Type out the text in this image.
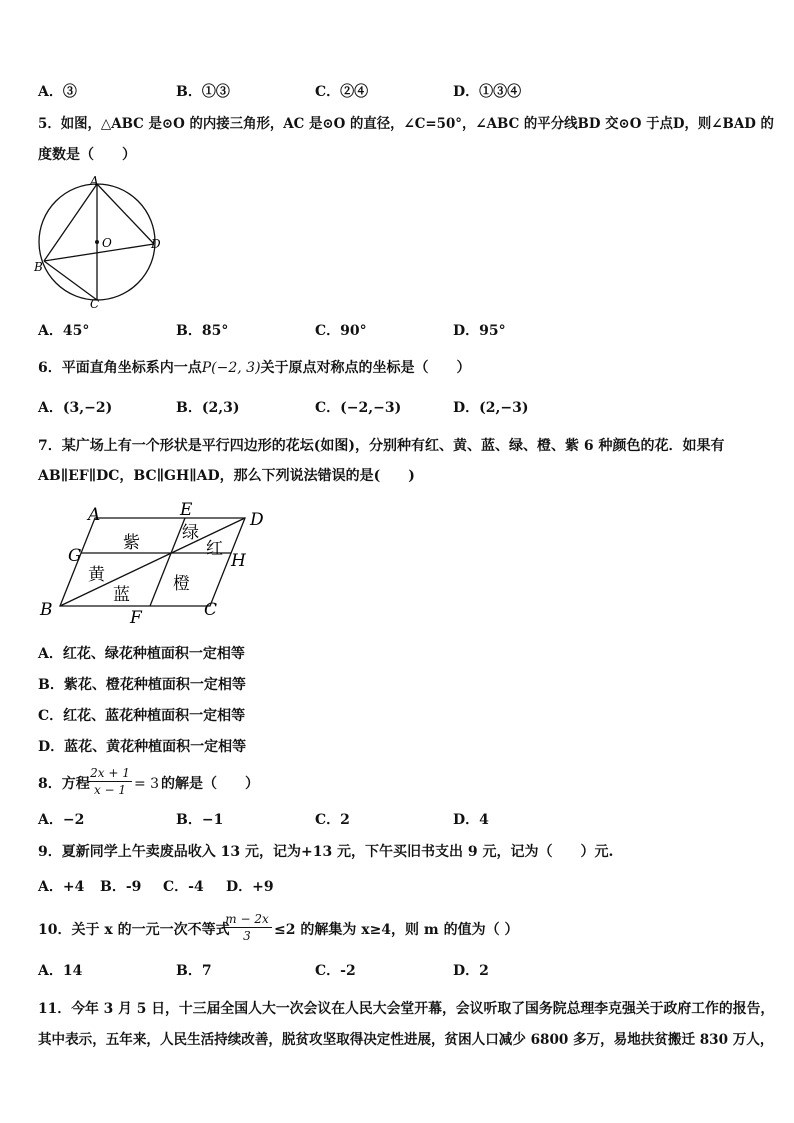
A．③	B．①③	C．②④	D．①③④
5．如图，△ABC 是⊙O 的内接三角形，AC 是⊙O 的直径，∠C=50°，∠ABC 的平分线BD 交⊙O 于点D，则∠BAD 的
度数是（　　）
A
O	D
B
C
A．45°	B．85°	C．90°	D．95°
6．平面直角坐标系内一点P(−2, 3)关于原点对称点的坐标是（　　）
A．(3,−2)	B．(2,3)	C．(−2,−3)	D．(2,−3)
7．某广场上有一个形状是平行四边形的花坛(如图)，分别种有红、黄、蓝、绿、橙、紫 6 种颜色的花．如果有
AB∥EF∥DC，BC∥GH∥AD，那么下列说法错误的是(　　)
A	E	D
G	H
B	F	C
紫 绿
红
黄
蓝
橙
A．红花、绿花种植面积一定相等
B．紫花、橙花种植面积一定相等
C．红花、蓝花种植面积一定相等
D．蓝花、黄花种植面积一定相等
8．方程
$\frac{2x + 1}{x - 1} = 3$ 的解是（　　）
A．−2	B．−1	C．2	D．4
9．夏新同学上午卖废品收入 13 元，记为+13 元，下午买旧书支出 9 元，记为（　　）元.
A．+4 B．-9 C．-4 D．+9
10．关于 x 的一元一次不等式
$\frac{m - 2x}{3} \le 2$ 的解集为 x≥4，则 m 的值为（ ）
A．14	B．7	C．-2	D．2
11．今年 3 月 5 日，十三届全国人大一次会议在人民大会堂开幕，会议听取了国务院总理李克强关于政府工作的报告，
其中表示，五年来，人民生活持续改善，脱贫攻坚取得决定性进展，贫困人口减少 6800 多万，易地扶贫搬迁 830 万人，
